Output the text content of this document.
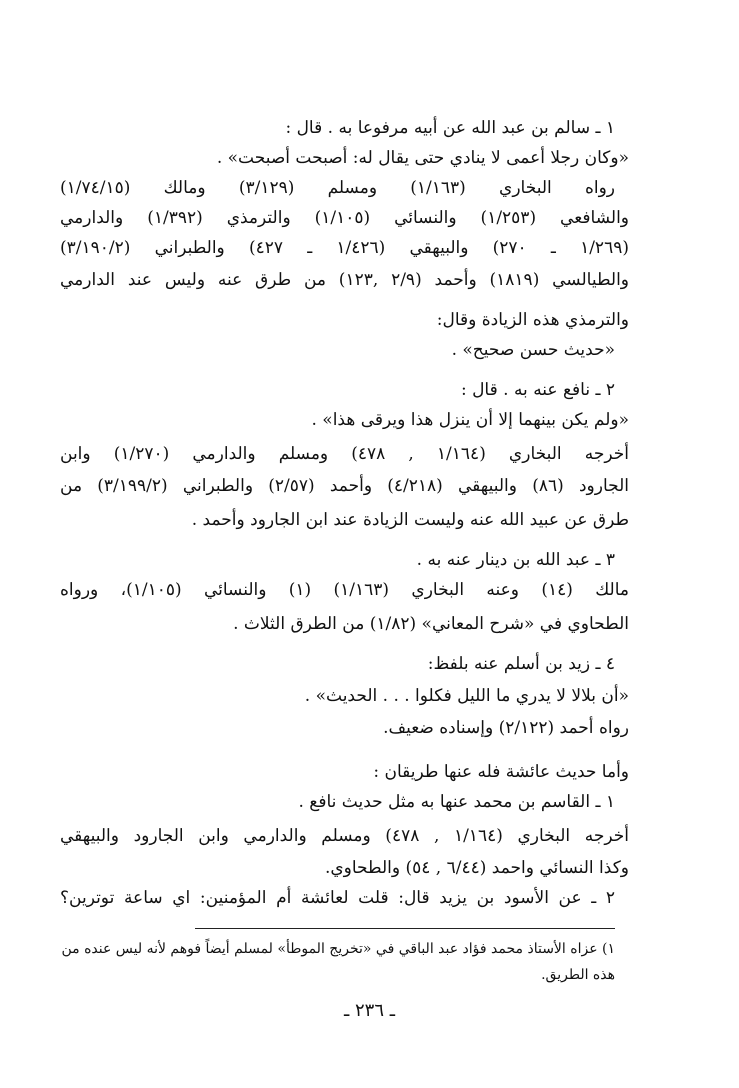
١ ـ سالم بن عبد الله عن أبيه مرفوعا به . قال :
«وكان رجلا أعمى لا ينادي حتى يقال له: أصبحت أصبحت» .
رواه البخاري (١/١٦٣) ومسلم (٣/١٢٩) ومالك (١/٧٤/١٥)
والشافعي (١/٢٥٣) والنسائي (١/١٠٥) والترمذي (١/٣٩٢) والدارمي
(١/٢٦٩ ـ ٢٧٠) والبيهقي (١/٤٢٦ ـ ٤٢٧) والطبراني (٣/١٩٠/٢)
والطيالسي (١٨١٩) وأحمد (٢/٩ ,١٢٣) من طرق عنه وليس عند الدارمي
والترمذي هذه الزيادة وقال:
«حديث حسن صحيح» .
٢ ـ نافع عنه به . قال :
«ولم يكن بينهما إلا أن ينزل هذا ويرقى هذا» .
أخرجه البخاري (١/١٦٤ , ٤٧٨) ومسلم والدارمي (١/٢٧٠) وابن
الجارود (٨٦) والبيهقي (٤/٢١٨) وأحمد (٢/٥٧) والطبراني (٣/١٩٩/٢) من
طرق عن عبيد الله عنه وليست الزيادة عند ابن الجارود وأحمد .
٣ ـ عبد الله بن دينار عنه به .
مالك (١٤) وعنه البخاري (١/١٦٣) (١) والنسائي (١/١٠٥)، ورواه
الطحاوي في «شرح المعاني» (١/٨٢) من الطرق الثلاث .
٤ ـ زيد بن أسلم عنه بلفظ:
«أن بلالا لا يدري ما الليل فكلوا . . . الحديث» .
رواه أحمد (٢/١٢٢) وإسناده ضعيف.
وأما حديث عائشة فله عنها طريقان :
١ ـ القاسم بن محمد عنها به مثل حديث نافع .
أخرجه البخاري (١/١٦٤ , ٤٧٨) ومسلم والدارمي وابن الجارود والبيهقي
وكذا النسائي واحمد (٦/٤٤ , ٥٤) والطحاوي.
٢ ـ عن الأسود بن يزيد قال: قلت لعائشة أم المؤمنين: اي ساعة توترين؟
١) عزاه الأستاذ محمد فؤاد عبد الباقي في «تخريج الموطأ» لمسلم أيضاً فوهم لأنه ليس عنده من
هذه الطريق.
ـ ٢٣٦ ـ
